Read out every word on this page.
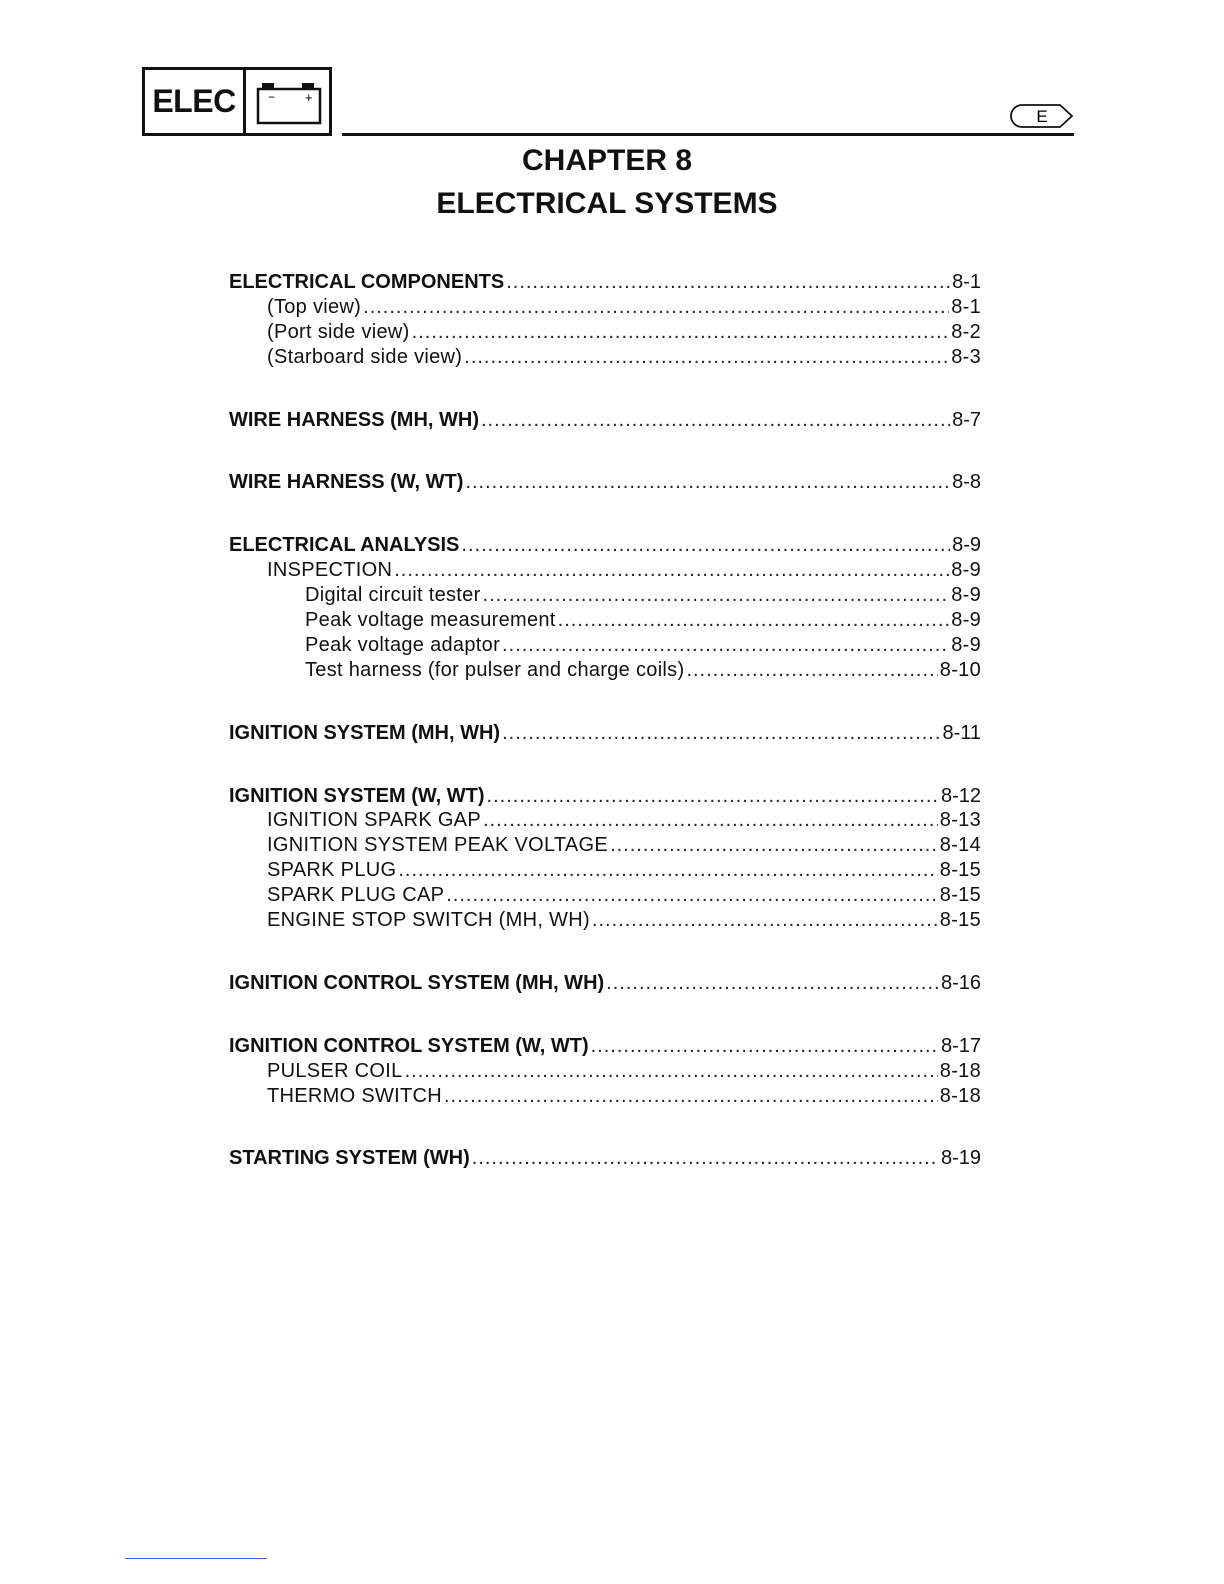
ELEC	− +
E
CHAPTER 8
ELECTRICAL SYSTEMS
ELECTRICAL COMPONENTS .....	8-1
(Top view) .....	8-1
(Port side view) .....	8-2
(Starboard side view) .....	8-3
WIRE HARNESS (MH, WH) .....	8-7
WIRE HARNESS (W, WT) .....	8-8
ELECTRICAL ANALYSIS .....	8-9
INSPECTION .....	8-9
Digital circuit tester .....	8-9
Peak voltage measurement .....	8-9
Peak voltage adaptor .....	8-9
Test harness (for pulser and charge coils) .....	8-10
IGNITION SYSTEM (MH, WH) .....	8-11
IGNITION SYSTEM (W, WT) .....	8-12
IGNITION SPARK GAP .....	8-13
IGNITION SYSTEM PEAK VOLTAGE .....	8-14
SPARK PLUG .....	8-15
SPARK PLUG CAP .....	8-15
ENGINE STOP SWITCH (MH, WH) .....	8-15
IGNITION CONTROL SYSTEM (MH, WH) .....	8-16
IGNITION CONTROL SYSTEM (W, WT) .....	8-17
PULSER COIL .....	8-18
THERMO SWITCH .....	8-18
STARTING SYSTEM (WH) .....	8-19
